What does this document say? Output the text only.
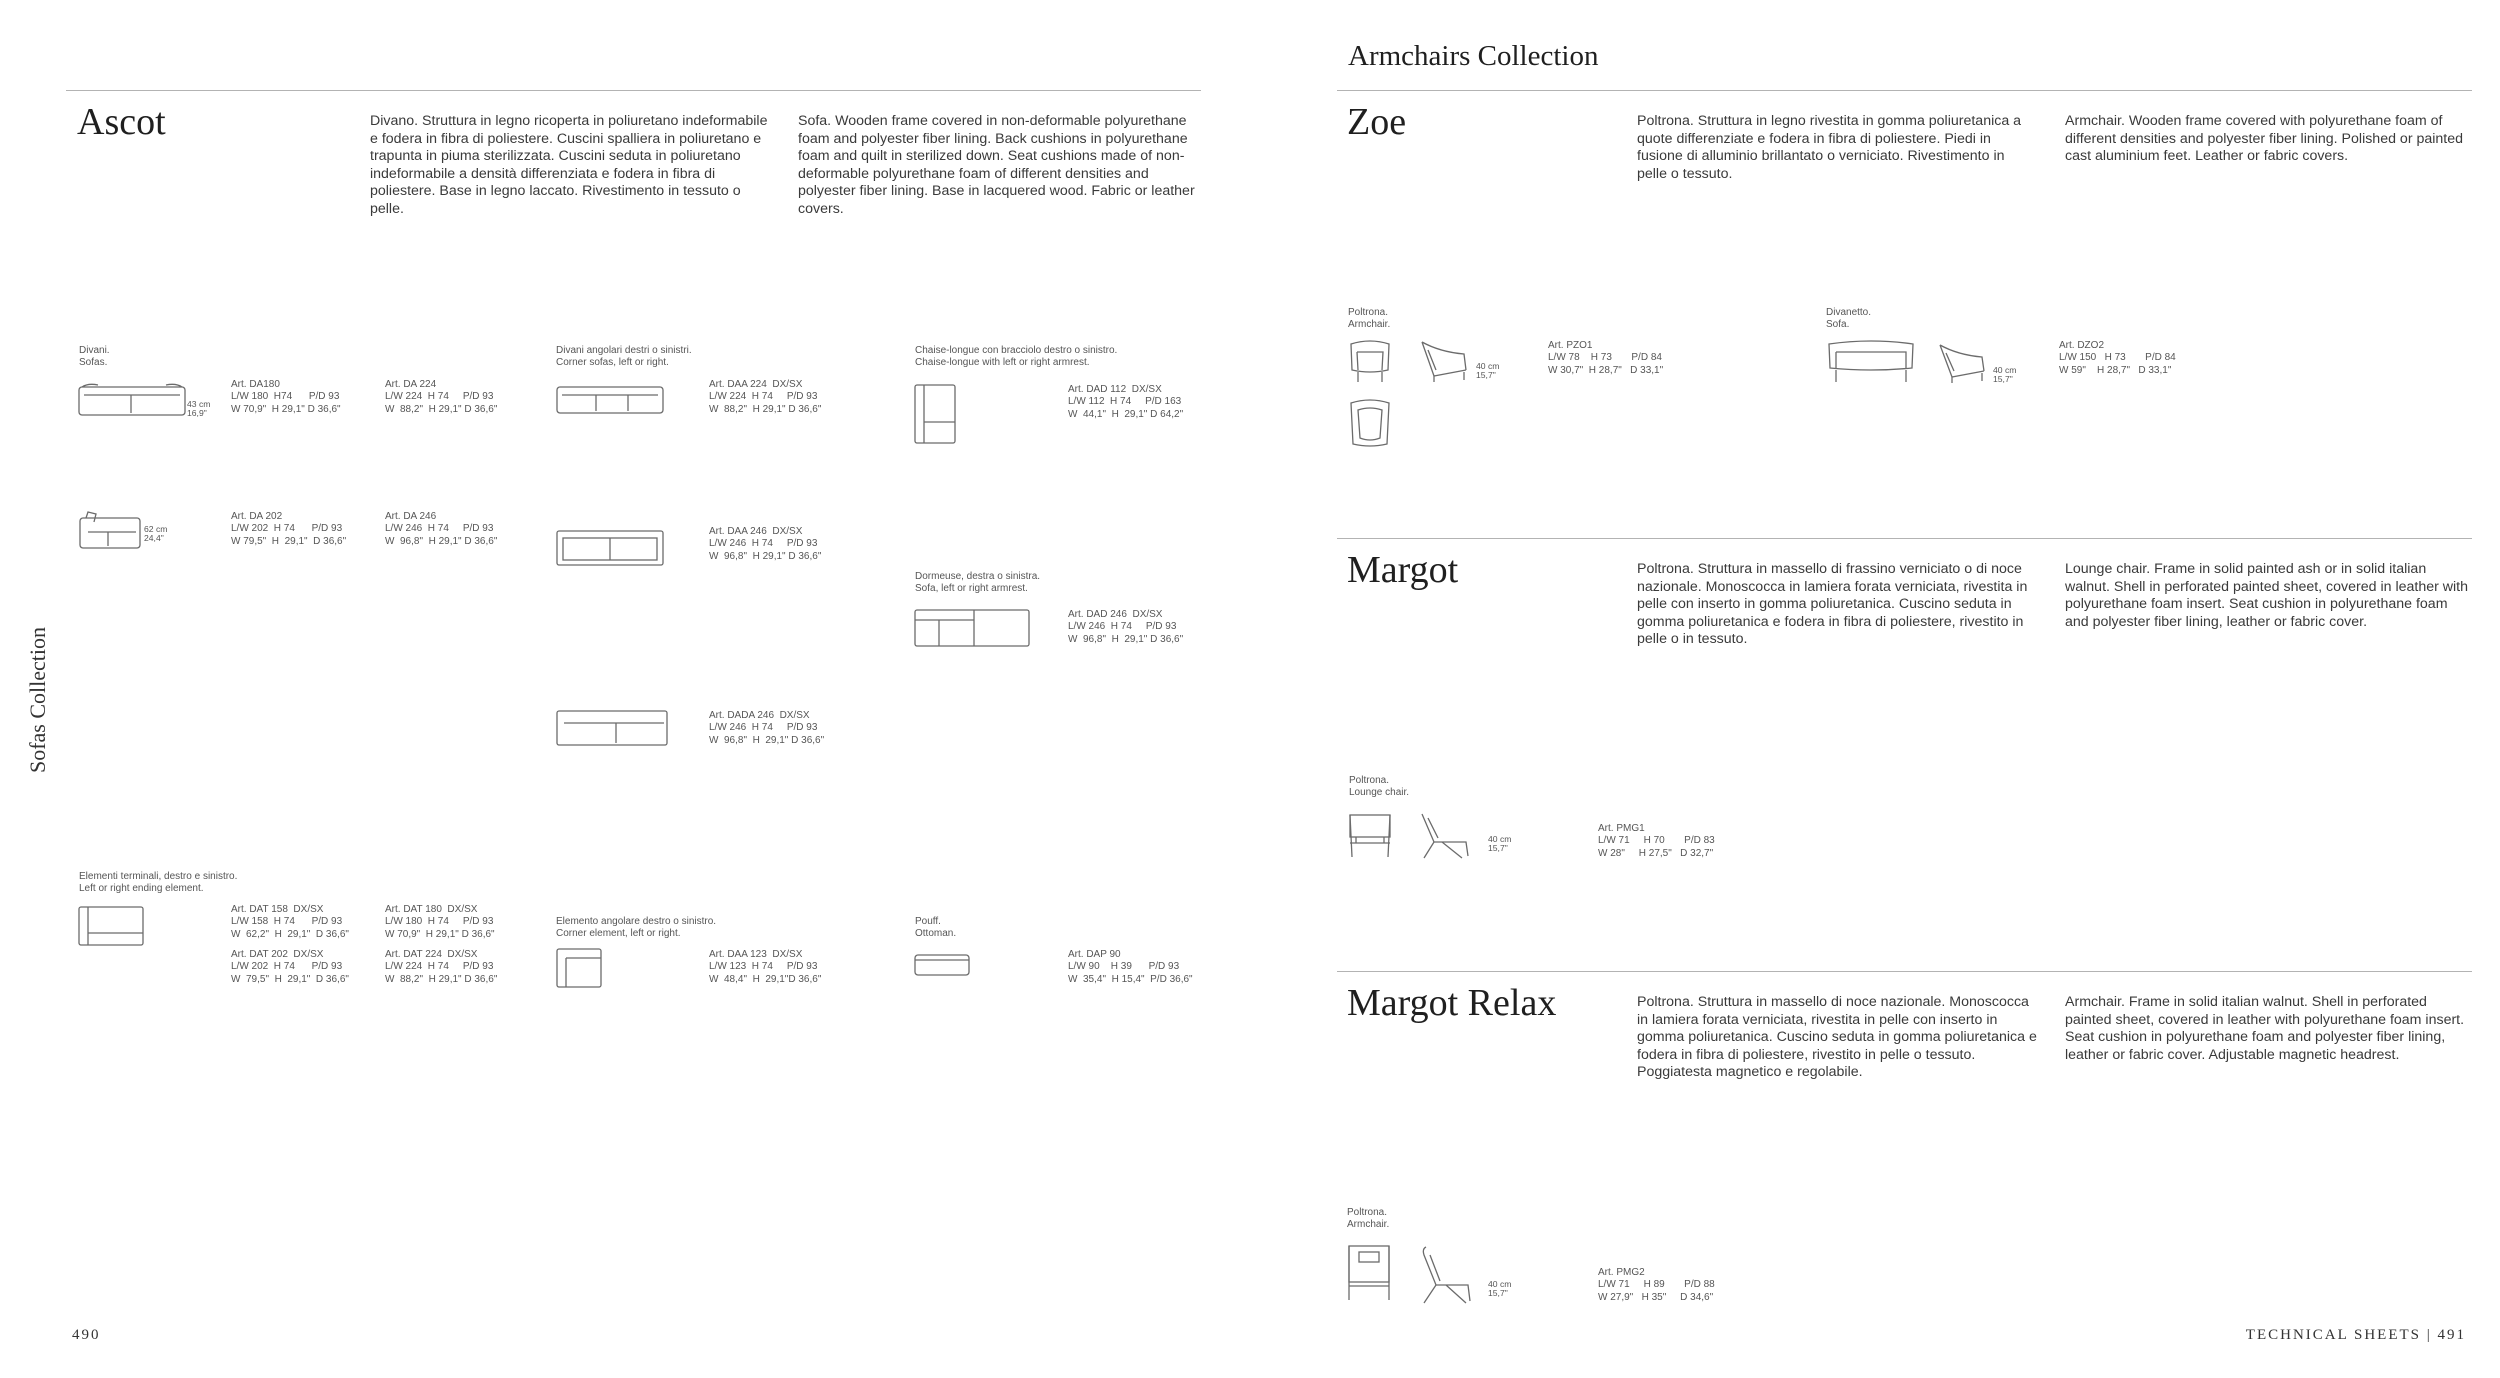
Sofas Collection
Ascot	Divano. Struttura in legno ricoperta in poliuretano indeformabile e fodera in fibra di poliestere. Cuscini spalliera in poliuretano e trapunta in piuma sterilizzata. Cuscini seduta in poliuretano indeformabile a densità differenziata e fodera in fibra di poliestere. Base in legno laccato. Rivestimento in tessuto o pelle.
Sofa. Wooden frame covered in non-deformable polyurethane foam and polyester fiber lining. Back cushions in polyurethane foam and quilt in sterilized down. Seat cushions made of non-deformable polyurethane foam of different densities and polyester fiber lining. Base in lacquered wood. Fabric or leather covers.
Divani.
Sofas.
Divani angolari destri o sinistri.
Corner sofas, left or right.
Chaise-longue con bracciolo destro o sinistro.
Chaise-longue with left or right armrest.
Dormeuse, destra o sinistra.
Sofa, left or right armrest.
Elementi terminali, destro e sinistro.
Left or right ending element.
Elemento angolare destro o sinistro.
Corner element, left or right.
Pouff.
Ottoman.
43 cm
16,9"
62 cm
24,4"
Art. DA180
L/W 180  H74      P/D 93
W 70,9"  H 29,1" D 36,6"
Art. DA 224
L/W 224  H 74     P/D 93
W  88,2"  H 29,1" D 36,6"
Art. DAA 224  DX/SX
L/W 224  H 74     P/D 93
W  88,2"  H 29,1" D 36,6"
Art. DAD 112  DX/SX
L/W 112  H 74     P/D 163
W  44,1"  H  29,1" D 64,2"
Art. DA 202
L/W 202  H 74      P/D 93
W 79,5"  H  29,1"  D 36,6"
Art. DA 246
L/W 246  H 74     P/D 93
W  96,8"  H 29,1" D 36,6"
Art. DAA 246  DX/SX
L/W 246  H 74     P/D 93
W  96,8"  H 29,1" D 36,6"
Art. DAD 246  DX/SX
L/W 246  H 74     P/D 93
W  96,8"  H  29,1" D 36,6"
Art. DADA 246  DX/SX
L/W 246  H 74     P/D 93
W  96,8"  H  29,1" D 36,6"
Art. DAT 158  DX/SX
L/W 158  H 74      P/D 93
W  62,2"  H  29,1"  D 36,6"
Art. DAT 180  DX/SX
L/W 180  H 74     P/D 93
W 70,9"  H 29,1" D 36,6"
Art. DAT 202  DX/SX
L/W 202  H 74      P/D 93
W  79,5"  H  29,1"  D 36,6"
Art. DAT 224  DX/SX
L/W 224  H 74     P/D 93
W  88,2"  H 29,1" D 36,6"
Art. DAA 123  DX/SX
L/W 123  H 74     P/D 93
W  48,4"  H  29,1"D 36,6"
Art. DAP 90
L/W 90    H 39      P/D 93
W  35,4"  H 15,4"  P/D 36,6"
490
Armchairs Collection
Zoe	Poltrona. Struttura in legno rivestita in gomma poliuretanica a quote differenziate e fodera in fibra di poliestere. Piedi in fusione di alluminio brillantato o verniciato. Rivestimento in pelle o tessuto.
Armchair. Wooden frame covered with polyurethane foam of different densities and polyester fiber lining. Polished or painted cast aluminium feet. Leather or fabric covers.
Poltrona.
Armchair.
Divanetto.
Sofa.
40 cm
15,7"
Art. PZO1
L/W 78    H 73       P/D 84
W 30,7"  H 28,7"   D 33,1"	40 cm
15,7"
Art. DZO2
L/W 150   H 73       P/D 84
W 59"    H 28,7"   D 33,1"
Margot	Poltrona. Struttura in massello di frassino verniciato o di noce nazionale. Monoscocca in lamiera forata verniciata, rivestita in pelle con inserto in gomma poliuretanica. Cuscino seduta in gomma poliuretanica e fodera in fibra di poliestere, rivestito in pelle o in tessuto.
Lounge chair. Frame in solid painted ash or in solid italian walnut. Shell in perforated painted sheet, covered in leather with polyurethane foam insert. Seat cushion in polyurethane foam and polyester fiber lining, leather or fabric cover.
Poltrona.
Lounge chair.
40 cm
15,7"
Art. PMG1
L/W 71     H 70       P/D 83
W 28"     H 27,5"   D 32,7"
Margot Relax	Poltrona. Struttura in massello di noce nazionale. Monoscocca in lamiera forata verniciata, rivestita in pelle con inserto in gomma poliuretanica. Cuscino seduta in gomma poliuretanica e fodera in fibra di poliestere, rivestito in pelle o tessuto. Poggiatesta magnetico e regolabile.
Armchair. Frame in solid italian walnut. Shell in perforated painted sheet, covered in leather with polyurethane foam insert. Seat cushion in polyurethane foam and polyester fiber lining, leather or fabric cover. Adjustable magnetic headrest.
Poltrona.
Armchair.
40 cm
15,7"
Art. PMG2
L/W 71     H 89       P/D 88
W 27,9"   H 35"     D 34,6"
TECHNICAL SHEETS | 491
